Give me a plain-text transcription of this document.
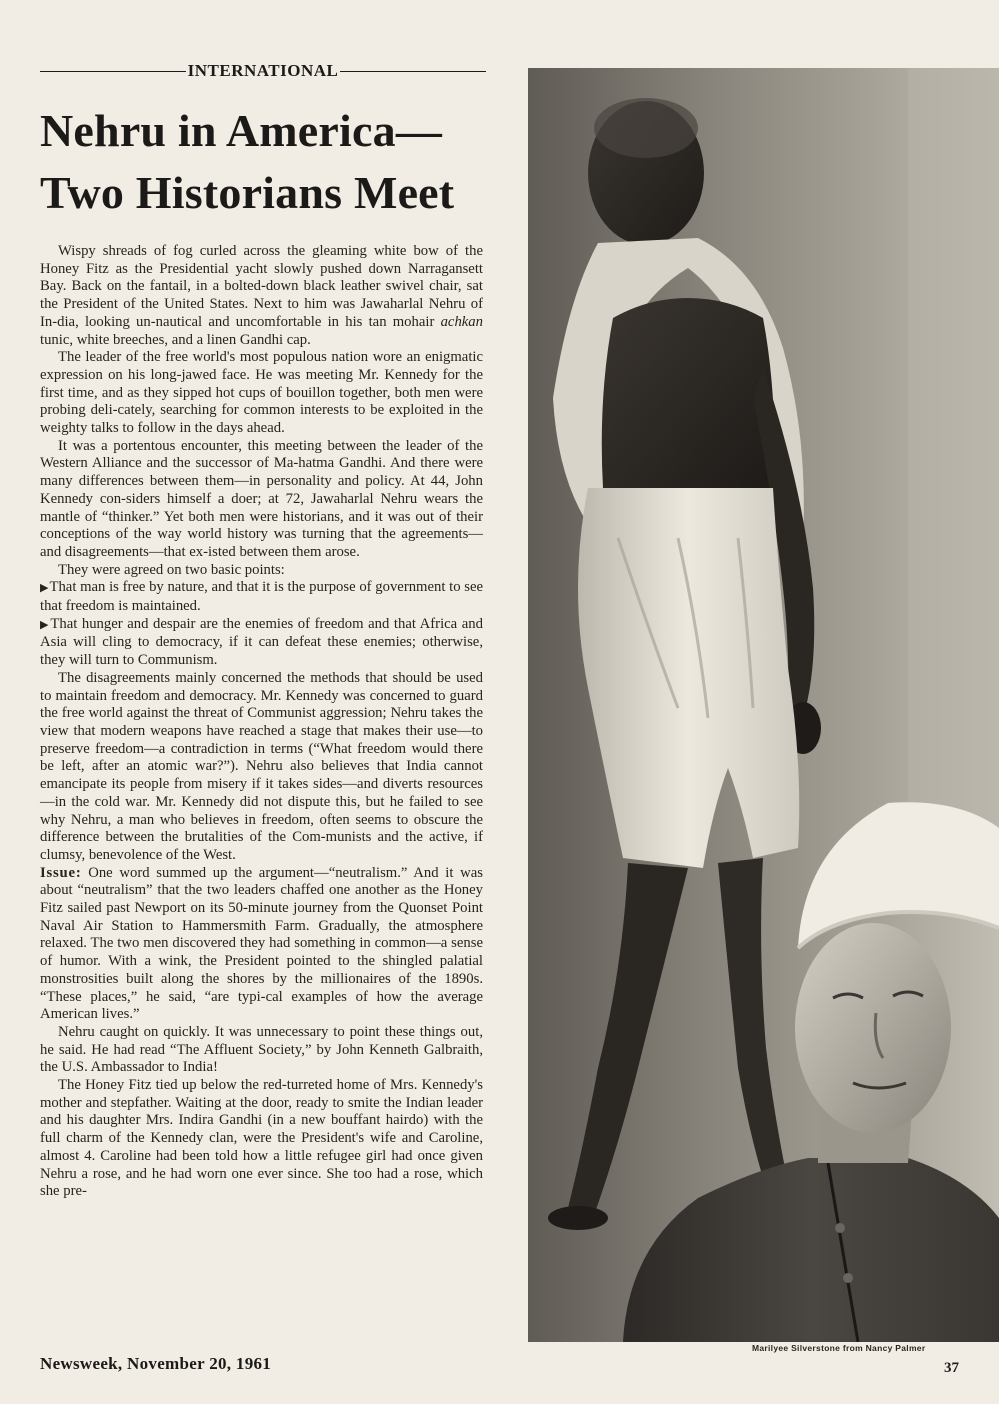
INTERNATIONAL
Nehru in America—
Two Historians Meet

Wispy shreads of fog curled across the gleaming white bow of the Honey Fitz as the Presidential yacht slowly pushed down Narragansett Bay. Back on the fantail, in a bolted-down black leather swivel chair, sat the President of the United States. Next to him was Jawaharlal Nehru of In-dia, looking un-nautical and uncomfortable in his tan mohair achkan tunic, white breeches, and a linen Gandhi cap.

The leader of the free world's most populous nation wore an enigmatic expression on his long-jawed face. He was meeting Mr. Kennedy for the first time, and as they sipped hot cups of bouillon together, both men were probing deli-cately, searching for common interests to be exploited in the weighty talks to follow in the days ahead.

It was a portentous encounter, this meeting between the leader of the Western Alliance and the successor of Ma-hatma Gandhi. And there were many differences between them—in personality and policy. At 44, John Kennedy con-siders himself a doer; at 72, Jawaharlal Nehru wears the mantle of “thinker.” Yet both men were historians, and it was out of their conceptions of the way world history was turning that the agreements—and disagreements—that ex-isted between them arose.

They were agreed on two basic points:

▶That man is free by nature, and that it is the purpose of government to see that freedom is maintained.

▶That hunger and despair are the enemies of freedom and that Africa and Asia will cling to democracy, if it can defeat these enemies; otherwise, they will turn to Communism.

The disagreements mainly concerned the methods that should be used to maintain freedom and democracy. Mr. Kennedy was concerned to guard the free world against the threat of Communist aggression; Nehru takes the view that modern weapons have reached a stage that makes their use—to preserve freedom—a contradiction in terms (“What freedom would there be left, after an atomic war?”). Nehru also believes that India cannot emancipate its people from misery if it takes sides—and diverts resources—in the cold war. Mr. Kennedy did not dispute this, but he failed to see why Nehru, a man who believes in freedom, often seems to obscure the difference between the brutalities of the Com-munists and the active, if clumsy, benevolence of the West.

Issue: One word summed up the argument—“neutralism.” And it was about “neutralism” that the two leaders chaffed one another as the Honey Fitz sailed past Newport on its 50-minute journey from the Quonset Point Naval Air Station to Hammersmith Farm. Gradually, the atmosphere relaxed. The two men discovered they had something in common—a sense of humor. With a wink, the President pointed to the shingled palatial monstrosities built along the shores by the millionaires of the 1890s. “These places,” he said, “are typi-cal examples of how the average American lives.”

Nehru caught on quickly. It was unnecessary to point these things out, he said. He had read “The Affluent Society,” by John Kenneth Galbraith, the U.S. Ambassador to India!

The Honey Fitz tied up below the red-turreted home of Mrs. Kennedy's mother and stepfather. Waiting at the door, ready to smite the Indian leader and his daughter Mrs. Indira Gandhi (in a new bouffant hairdo) with the full charm of the Kennedy clan, were the President's wife and Caroline, almost 4. Caroline had been told how a little refugee girl had once given Nehru a rose, and he had worn one ever since. She too had a rose, which she pre-

Marilyee Silverstone from Nancy Palmer
Newsweek, November 20, 1961	37
